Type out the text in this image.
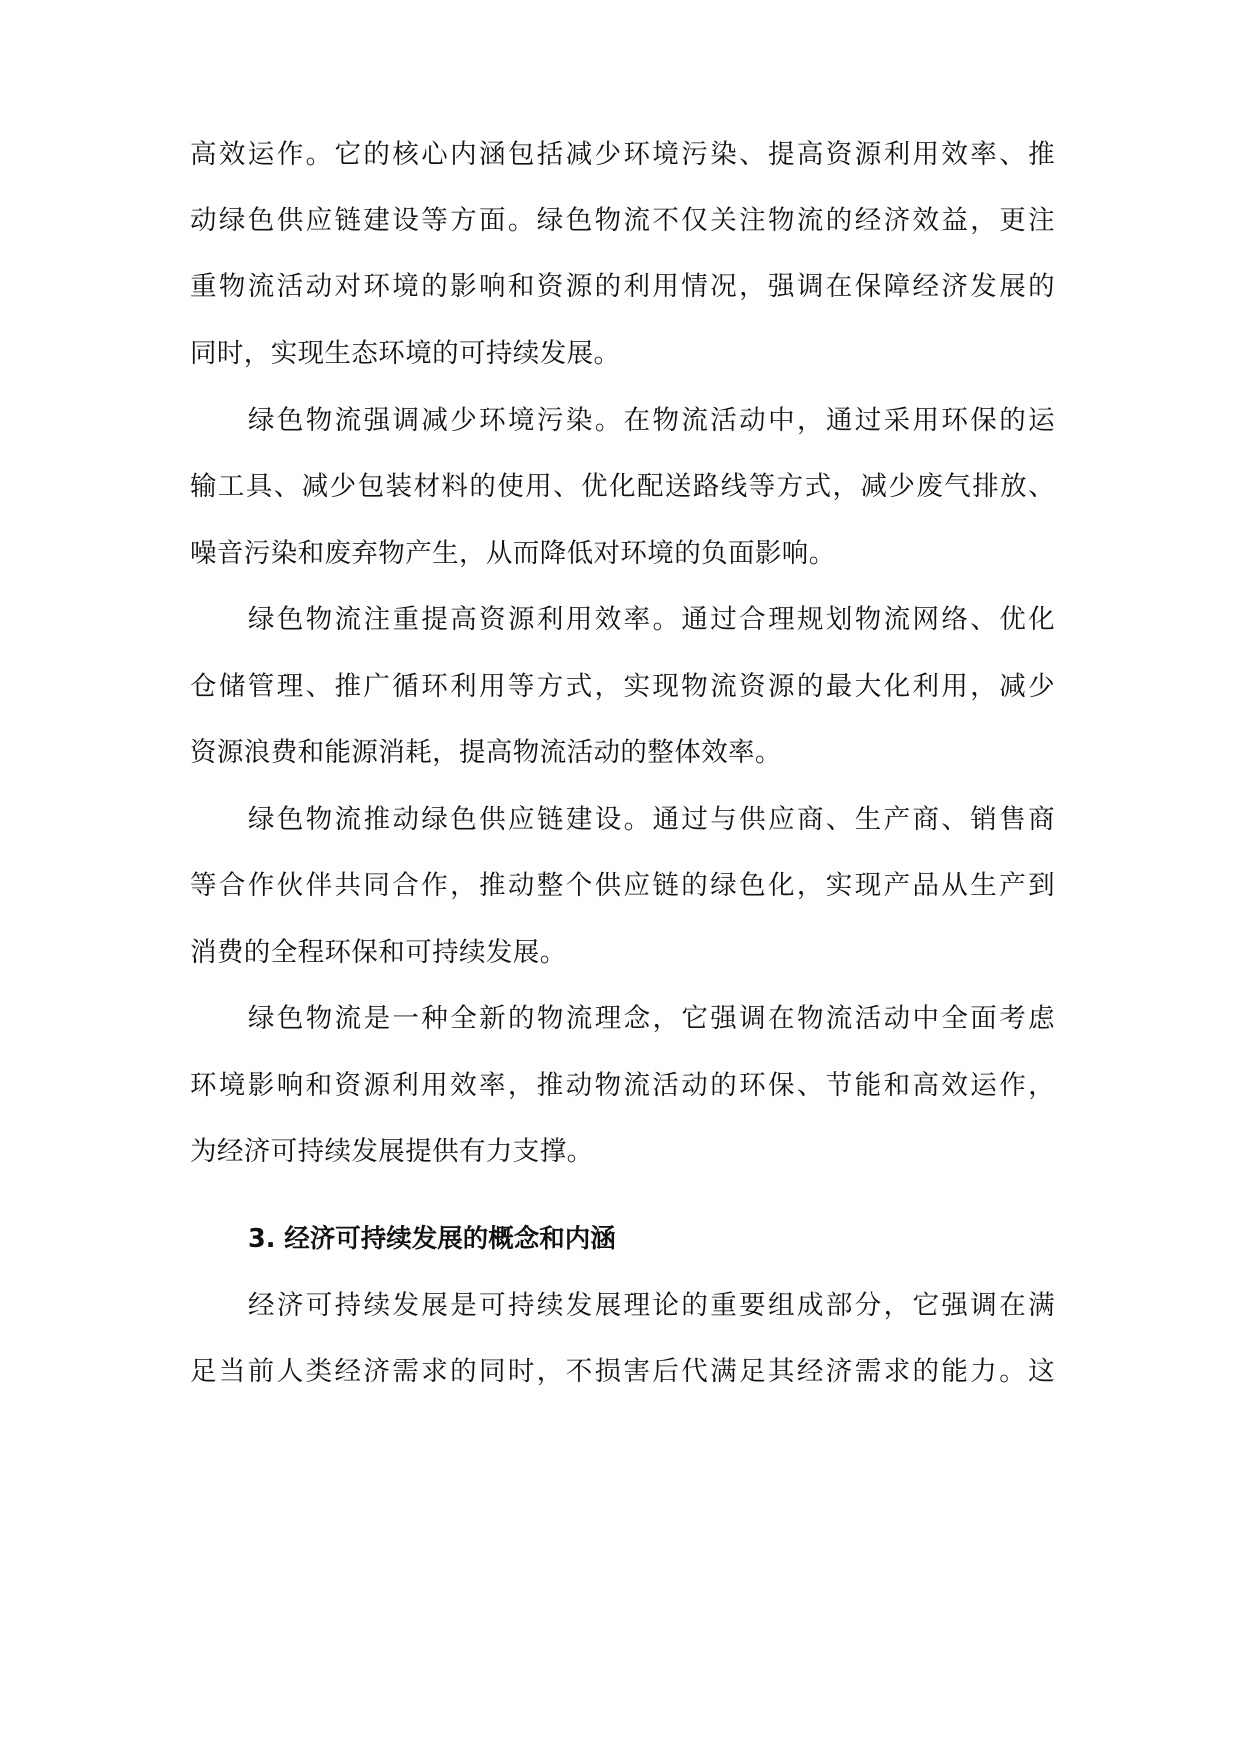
高效运作。它的核心内涵包括减少环境污染、提高资源利用效率、推
动绿色供应链建设等方面。绿色物流不仅关注物流的经济效益，更注
重物流活动对环境的影响和资源的利用情况，强调在保障经济发展的
同时，实现生态环境的可持续发展。
绿色物流强调减少环境污染。在物流活动中，通过采用环保的运
输工具、减少包装材料的使用、优化配送路线等方式，减少废气排放、
噪音污染和废弃物产生，从而降低对环境的负面影响。
绿色物流注重提高资源利用效率。通过合理规划物流网络、优化
仓储管理、推广循环利用等方式，实现物流资源的最大化利用，减少
资源浪费和能源消耗，提高物流活动的整体效率。
绿色物流推动绿色供应链建设。通过与供应商、生产商、销售商
等合作伙伴共同合作，推动整个供应链的绿色化，实现产品从生产到
消费的全程环保和可持续发展。
绿色物流是一种全新的物流理念，它强调在物流活动中全面考虑
环境影响和资源利用效率，推动物流活动的环保、节能和高效运作，
为经济可持续发展提供有力支撑。
经济可持续发展是可持续发展理论的重要组成部分，它强调在满
足当前人类经济需求的同时，不损害后代满足其经济需求的能力。这
3. 经济可持续发展的概念和内涵
